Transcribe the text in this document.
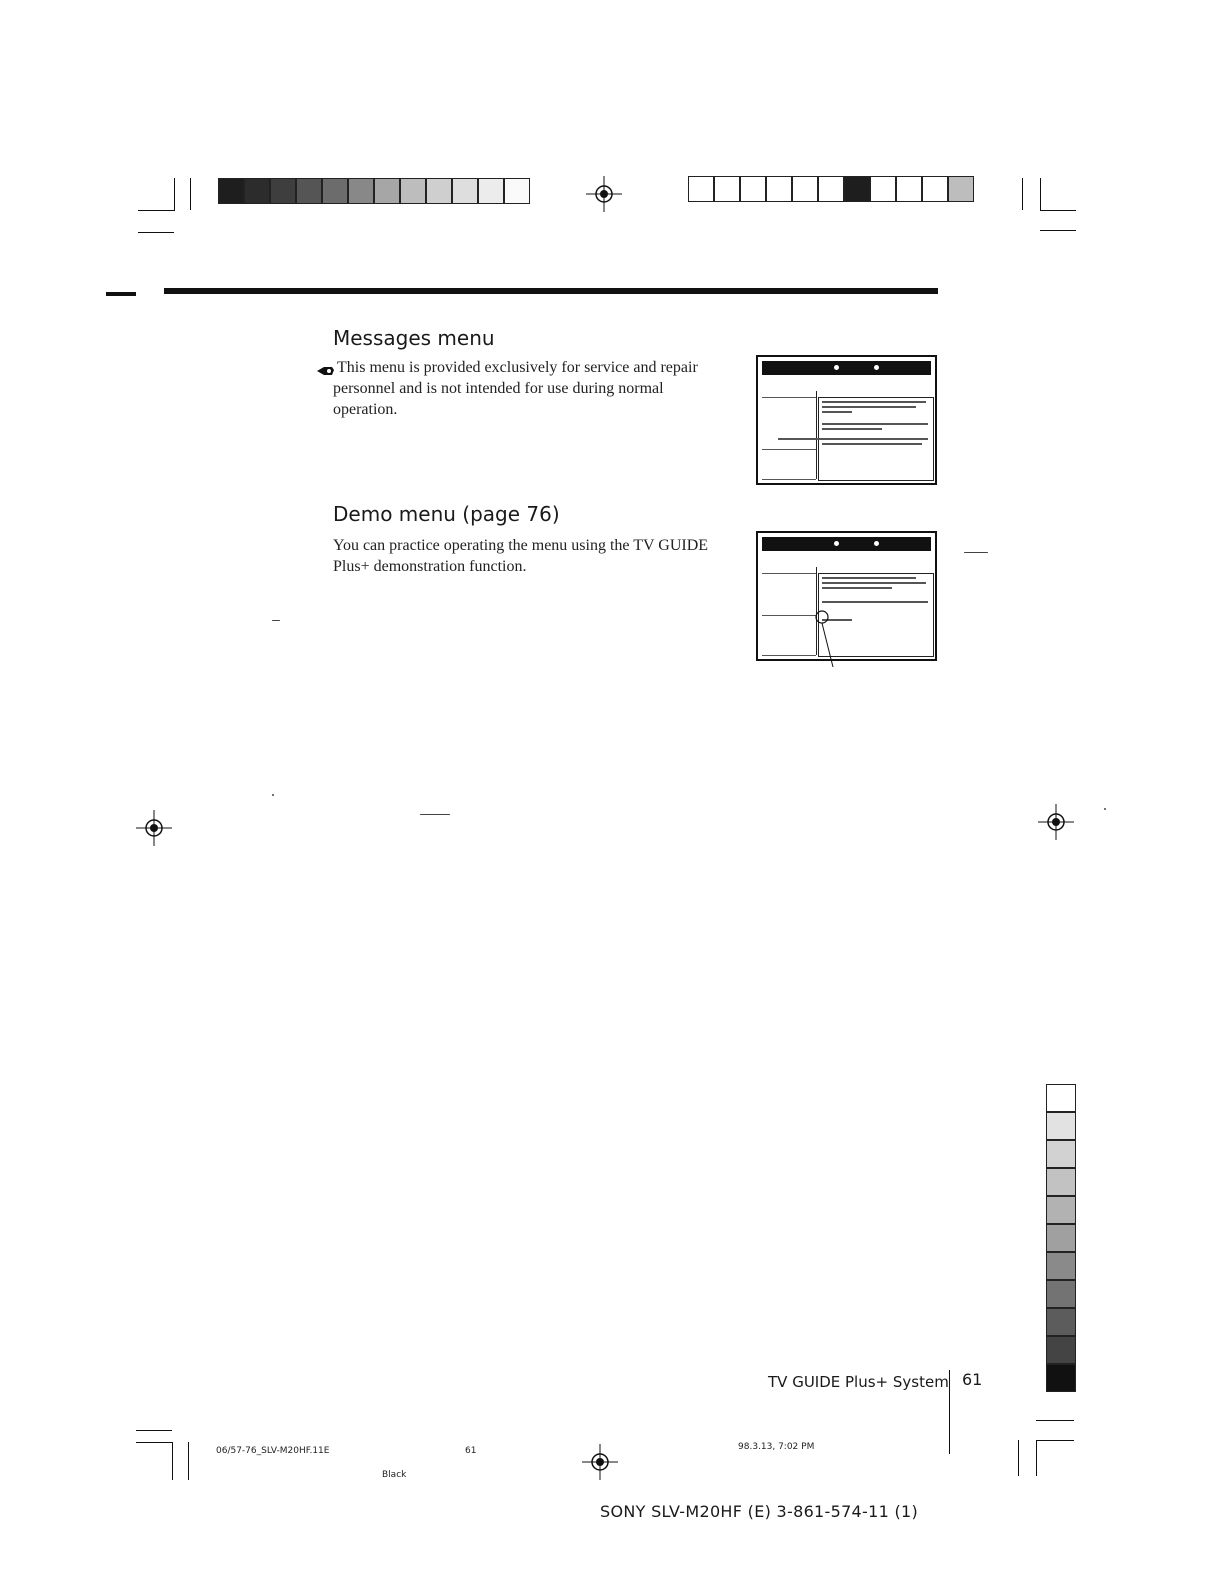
Messages menu

This menu is provided exclusively for service and repair personnel and is not intended for use during normal operation.

Demo menu (page 76)

You can practice operating the menu using the TV GUIDE Plus+ demonstration function.

TV GUIDE Plus+ System 61
06/57-76_SLV-M20HF.11E	61
Black
98.3.13, 7:02 PM
SONY SLV-M20HF (E) 3-861-574-11 (1)
